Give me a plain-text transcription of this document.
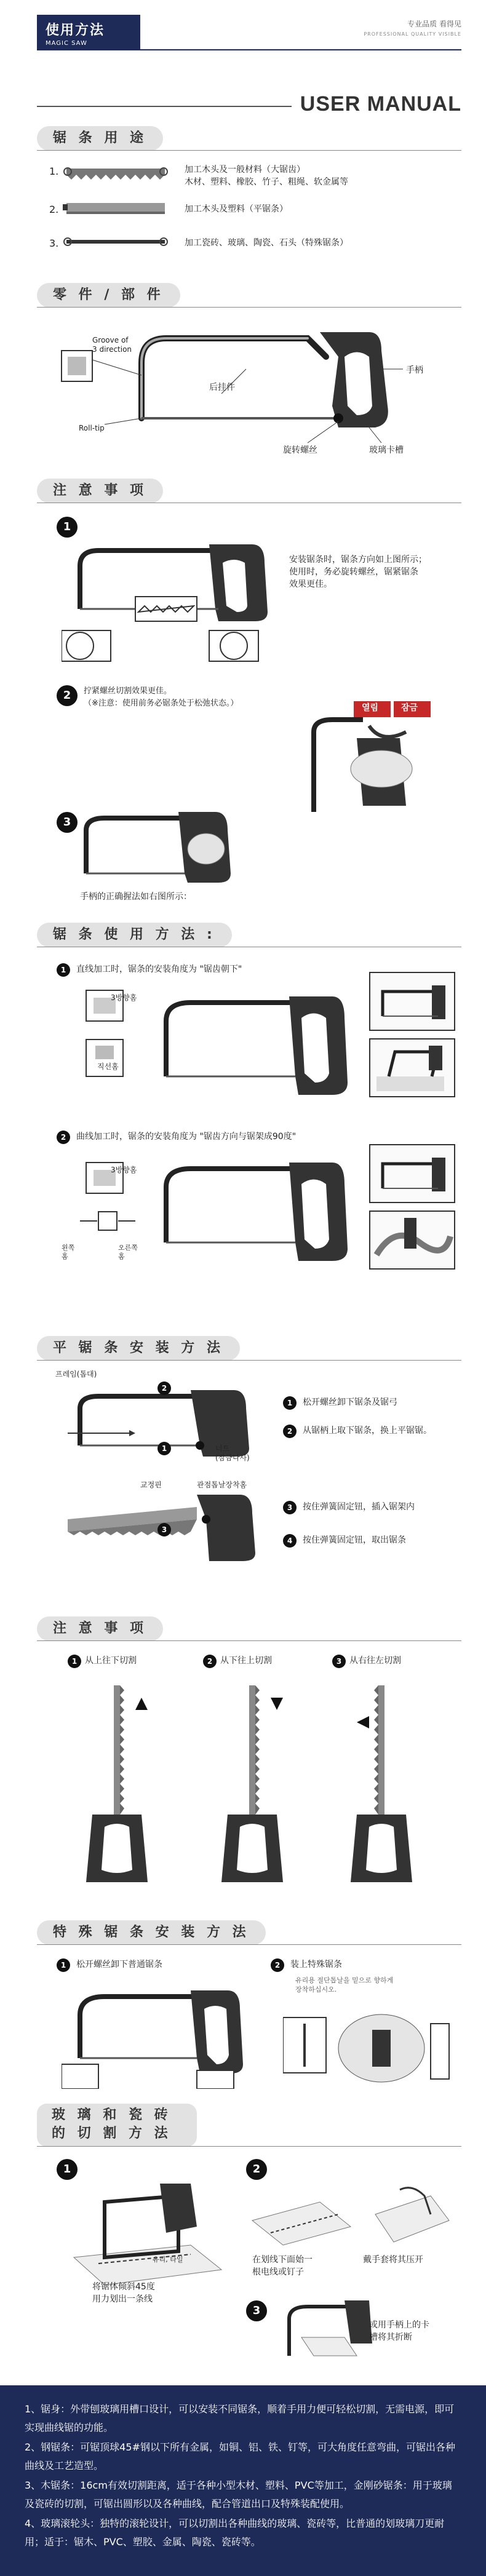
使用方法
MAGIC SAW
专业品质 看得见
PROFESSIONAL QUALITY VISIBLE
USER MANUAL
锯 条 用 途
1.	加工木头及一般材料（大锯齿）
木材、塑料、橡胶、竹子、粗绳、软金属等
2.	加工木头及塑料（平锯条）
3.	加工瓷砖、玻璃、陶瓷、石头（特殊锯条）
零 件 / 部 件
Groove of
3 direction
Roll-tip
后挂件
手柄
旋转螺丝	玻璃卡槽
注 意 事 项
1
安装锯条时，锯条方向如上图所示；
使用时，务必旋转螺丝，锯紧锯条
效果更佳。
2	拧紧螺丝切割效果更佳。
（※注意：使用前务必锯条处于松弛状态。）	열림	잠금
3
手柄的正确握法如右图所示：
锯 条 使 用 方 法 :
1	直线加工时，锯条的安装角度为 "锯齿朝下"
3방향홈
직선홈
2	曲线加工时，锯条的安装角度为 "锯齿方向与锯架成90度"
3방향홈
왼쪽
홈
오른쪽
홈
平 锯 条 安 装 方 法
프레임(톱대)
너트
(잠금나사)
2
1
1	松开螺丝卸下锯条及锯弓
2	从锯柄上取下锯条，换上平锯锯。
교정핀	관점톱날장착홈
3
3	按住弹簧固定钮，插入锯架内
4	按住弹簧固定钮，取出锯条
注 意 事 项
1 从上往下切割	2 从下往上切割	3 从右往左切割
特 殊 锯 条 安 装 方 法
1	松开螺丝卸下普通锯条	2	装上特殊锯条
유리용 절단톱날을 밑으로 향하게
장착하십시오.
玻 璃 和 瓷 砖
的 切 割 方 法
1
유리, 타일
将锯体倾斜45度
用力划出一条线
2
在划线下面始一
根电线或钉子
戴手套将其压开
3
或用手柄上的卡
槽将其折断

1、锯身：外带刨玻璃用槽口设计，可以安装不同锯条，顺着手用力便可轻松切割，无需电源，即可实现曲线锯的功能。

2、钢锯条：可锯顶球45#钢以下所有金属，如铜、铝、铁、钉等，可大角度任意弯曲，可锯出各种曲线及工艺造型。

3、木锯条：16cm有效切割距离，适于各种小型木材、塑料、PVC等加工，金刚砂锯条：用于玻璃及瓷砖的切割，可锯出圆形以及各种曲线，配合管道出口及特殊装配使用。

4、玻璃滚轮头：独特的滚轮设计，可以切割出各种曲线的玻璃、瓷砖等，比普通的划玻璃刀更耐用；适于：锯木、PVC、塑胶、金属、陶瓷、瓷砖等。
